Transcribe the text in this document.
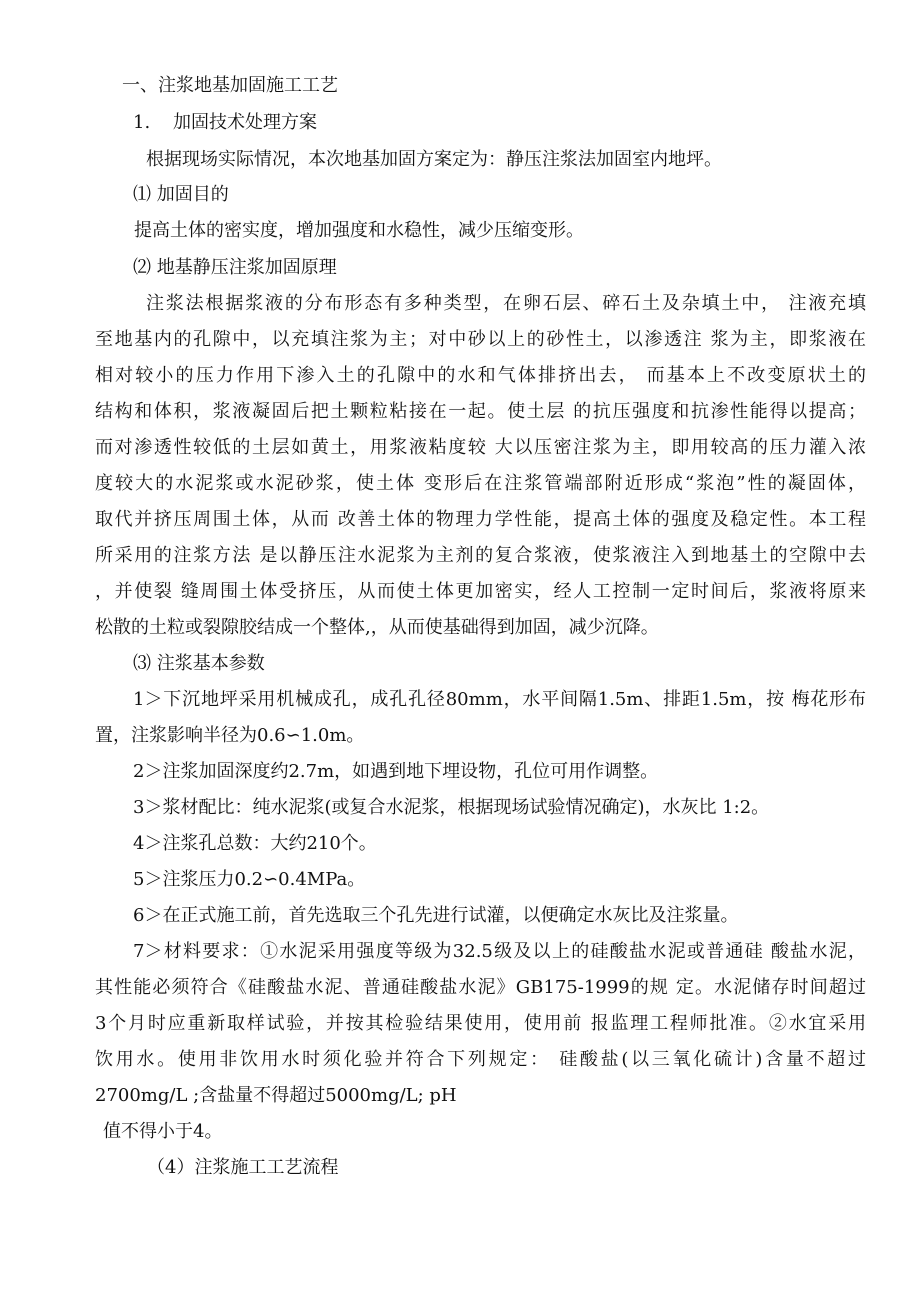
一、注浆地基加固施工工艺
1. 加固技术处理方案
根据现场实际情况，本次地基加固方案定为：静压注浆法加固室内地坪。
⑴ 加固目的
提高土体的密实度，增加强度和水稳性，减少压缩变形。
⑵ 地基静压注浆加固原理
注浆法根据浆液的分布形态有多种类型，在卵石层、碎石土及杂填土中， 注液充填
至地基内的孔隙中，以充填注浆为主；对中砂以上的砂性土，以渗透注 浆为主，即浆液在
相对较小的压力作用下渗入土的孔隙中的水和气体排挤出去， 而基本上不改变原状土的
结构和体积，浆液凝固后把土颗粒粘接在一起。使土层 的抗压强度和抗渗性能得以提高；
而对渗透性较低的土层如黄土，用浆液粘度较 大以压密注浆为主，即用较高的压力灌入浓
度较大的水泥浆或水泥砂浆，使土体 变形后在注浆管端部附近形成“浆泡”性的凝固体，
取代并挤压周围土体，从而 改善土体的物理力学性能，提高土体的强度及稳定性。本工程
所采用的注浆方法 是以静压注水泥浆为主剂的复合浆液，使浆液注入到地基土的空隙中去
，并使裂 缝周围土体受挤压，从而使土体更加密实，经人工控制一定时间后，浆液将原来
松散的土粒或裂隙胶结成一个整体,，从而使基础得到加固，减少沉降。
⑶ 注浆基本参数
1＞下沉地坪采用机械成孔，成孔孔径80mm，水平间隔1.5m、排距1.5m，按 梅花形布
置，注浆影响半径为0.6∽1.0m。
2＞注浆加固深度约2.7m，如遇到地下埋设物，孔位可用作调整。
3＞浆材配比：纯水泥浆(或复合水泥浆，根据现场试验情况确定)，水灰比 1:2。
4＞注浆孔总数：大约210个。
5＞注浆压力0.2∽0.4MPa。
6＞在正式施工前，首先选取三个孔先进行试灌，以便确定水灰比及注浆量。
7＞材料要求：①水泥采用强度等级为32.5级及以上的硅酸盐水泥或普通硅 酸盐水泥，
其性能必须符合《硅酸盐水泥、普通硅酸盐水泥》GB175-1999的规 定。水泥储存时间超过
3个月时应重新取样试验，并按其检验结果使用，使用前 报监理工程师批准。②水宜采用
饮用水。使用非饮用水时须化验并符合下列规定： 硅酸盐(以三氧化硫计)含量不超过
2700mg/L ;含盐量不得超过5000mg/L; pH
值不得小于4。
（4）注浆施工工艺流程
